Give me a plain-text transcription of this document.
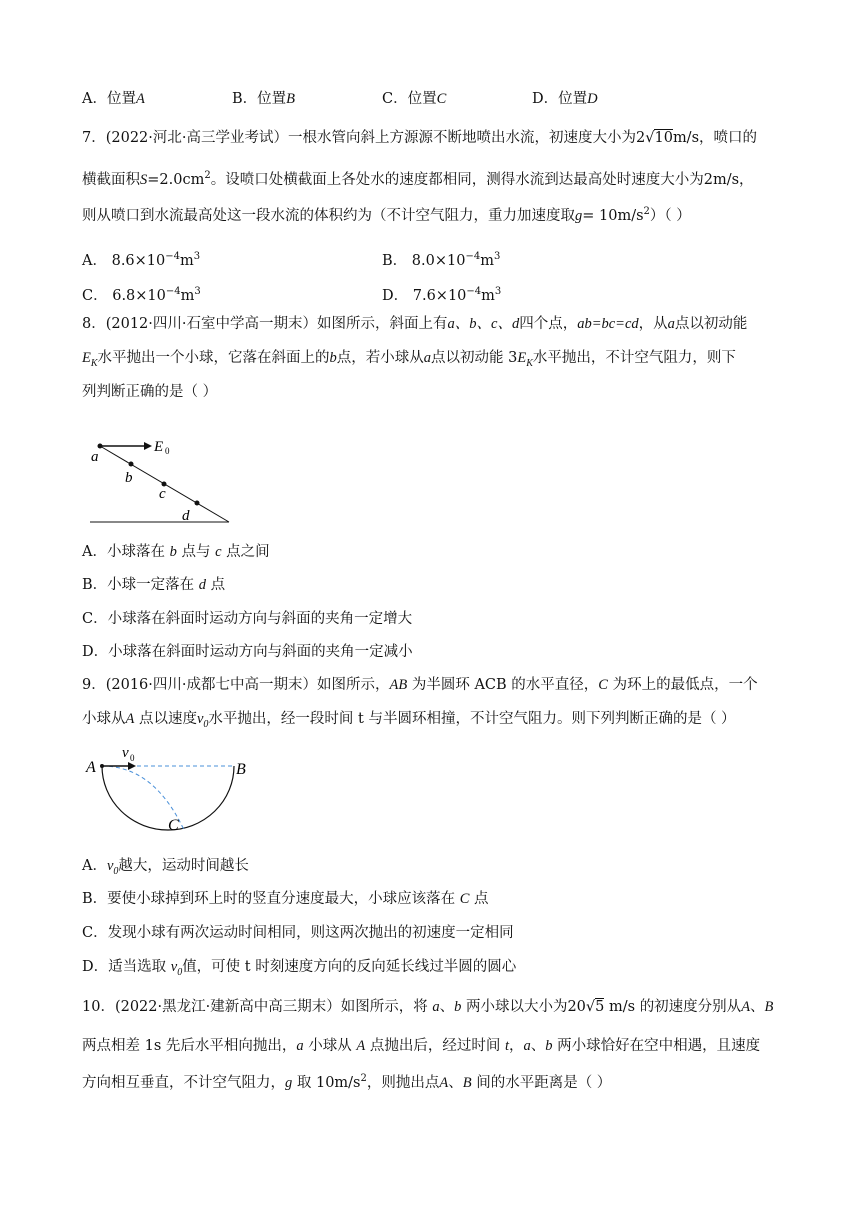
A．位置A	B．位置B	C．位置C	D．位置D
7．(2022·河北·高三学业考试）一根水管向斜上方源源不断地喷出水流，初速度大小为2√10m/s，喷口的
横截面积$S=2.0cm^2$。设喷口处横截面上各处水的速度都相同，测得水流到达最高处时速度大小为2m/s，
则从喷口到水流最高处这一段水流的体积约为（不计空气阻力，重力加速度取$g= 10m/s^2$）（ ）
A． $8.6\times 10^{-4}m^3$	B． $8.0\times 10^{-4}m^3$
C． $6.8\times 10^{-4}m^3$	D． $7.6\times 10^{-4}m^3$
8．(2012·四川·石室中学高一期末）如图所示，斜面上有a、b、c、d四个点，ab=bc=cd，从a点以初动能
$E_K$水平抛出一个小球，它落在斜面上的b点，若小球从a点以初动能 $3E_K$水平抛出，不计空气阻力，则下
列判断正确的是（ ）
a
b
c
d
E 0
A．小球落在 b 点与 c 点之间
B．小球一定落在 d 点
C．小球落在斜面时运动方向与斜面的夹角一定增大
D．小球落在斜面时运动方向与斜面的夹角一定减小
9．(2016·四川·成都七中高一期末）如图所示，AB 为半圆环 ACB 的水平直径，C 为环上的最低点，一个
小球从A 点以速度$v_0$水平抛出，经一段时间 t 与半圆环相撞，不计空气阻力。则下列判断正确的是（ ）
A	B
C
v 0
A．$v_0$越大，运动时间越长
B．要使小球掉到环上时的竖直分速度最大，小球应该落在 C 点
C．发现小球有两次运动时间相同，则这两次抛出的初速度一定相同
D．适当选取 $v_0$值，可使 t 时刻速度方向的反向延长线过半圆的圆心
10．(2022·黑龙江·建新高中高三期末）如图所示，将 a、b 两小球以大小为20√5 m/s 的初速度分别从A、B
两点相差 1s 先后水平相向抛出，a 小球从 A 点抛出后，经过时间 t，a、b 两小球恰好在空中相遇，且速度
方向相互垂直，不计空气阻力，g 取 $10m/s^2$，则抛出点A、B 间的水平距离是（ ）
